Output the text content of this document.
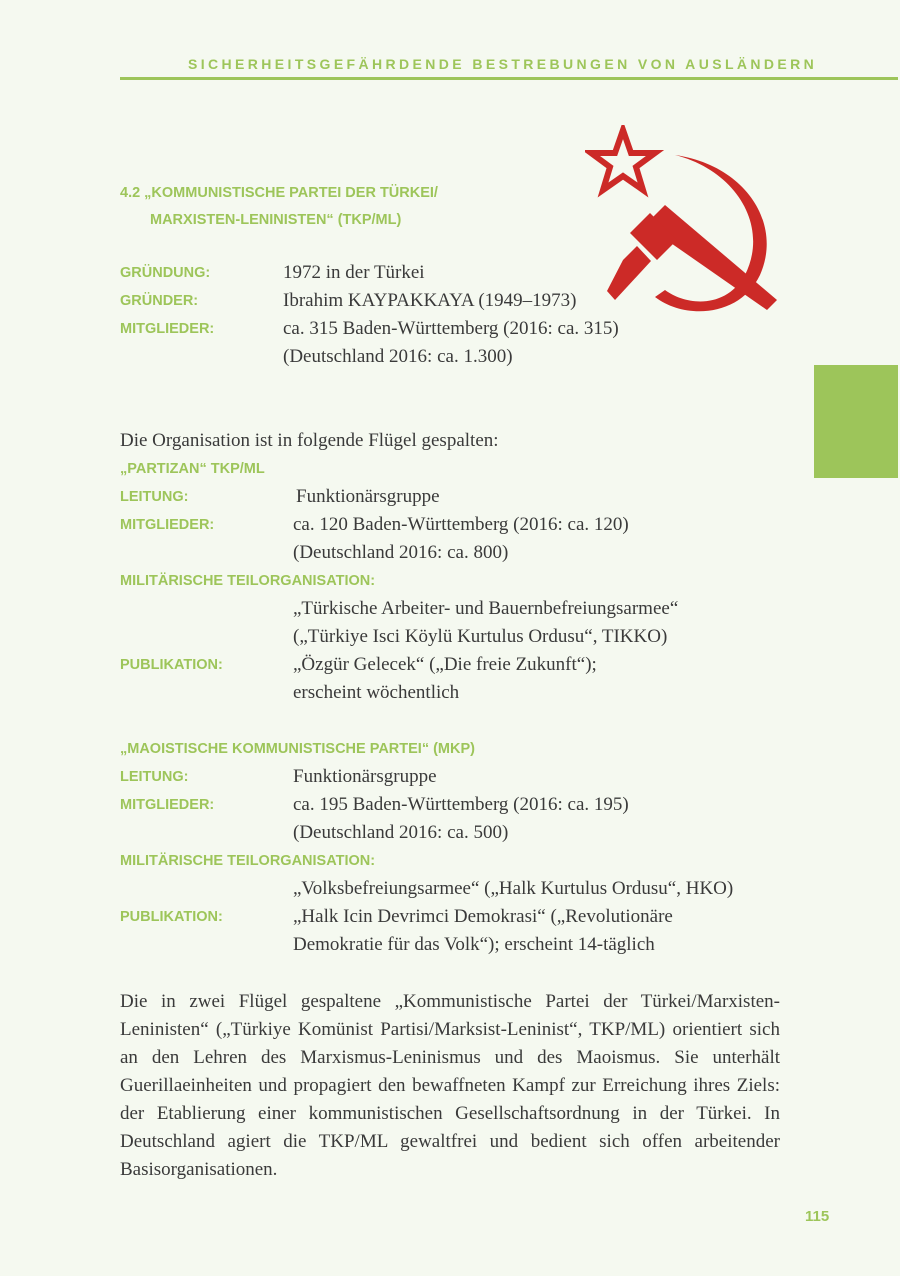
SICHERHEITSGEFÄHRDENDE BESTREBUNGEN VON AUSLÄNDERN
4.2 „KOMMUNISTISCHE PARTEI DER TÜRKEI/
MARXISTEN-LENINISTEN“ (TKP/ML)
GRÜNDUNG:	1972 in der Türkei
GRÜNDER:	Ibrahim KAYPAKKAYA (1949–1973)
MITGLIEDER:	ca. 315 Baden-Württemberg (2016: ca. 315)
(Deutschland 2016: ca. 1.300)
Die Organisation ist in folgende Flügel gespalten:
„PARTIZAN“ TKP/ML
LEITUNG:	Funktionärsgruppe
MITGLIEDER:	ca. 120 Baden-Württemberg (2016: ca. 120)
(Deutschland 2016: ca. 800)
MILITÄRISCHE TEILORGANISATION:
„Türkische Arbeiter- und Bauernbefreiungsarmee“
(„Türkiye Isci Köylü Kurtulus Ordusu“, TIKKO)
PUBLIKATION:	„Özgür Gelecek“ („Die freie Zukunft“);
erscheint wöchentlich
„MAOISTISCHE KOMMUNISTISCHE PARTEI“ (MKP)
LEITUNG:	Funktionärsgruppe
MITGLIEDER:	ca. 195 Baden-Württemberg (2016: ca. 195)
(Deutschland 2016: ca. 500)
MILITÄRISCHE TEILORGANISATION:
„Volksbefreiungsarmee“ („Halk Kurtulus Ordusu“, HKO)
PUBLIKATION:	„Halk Icin Devrimci Demokrasi“ („Revolutionäre
Demokratie für das Volk“); erscheint 14-täglich
Die in zwei Flügel gespaltene „Kommunistische Partei der Türkei/Marxisten-Leninisten“ („Türkiye Komünist Partisi/Marksist-Leninist“, TKP/ML) orientiert sich an den Lehren des Marxismus-Leninismus und des Maoismus. Sie unterhält Guerillaeinheiten und propagiert den bewaffneten Kampf zur Erreichung ihres Ziels: der Etablierung einer kommunistischen Gesellschaftsordnung in der Türkei. In Deutschland agiert die TKP/ML gewaltfrei und bedient sich offen arbeitender Basisorganisationen.
115
